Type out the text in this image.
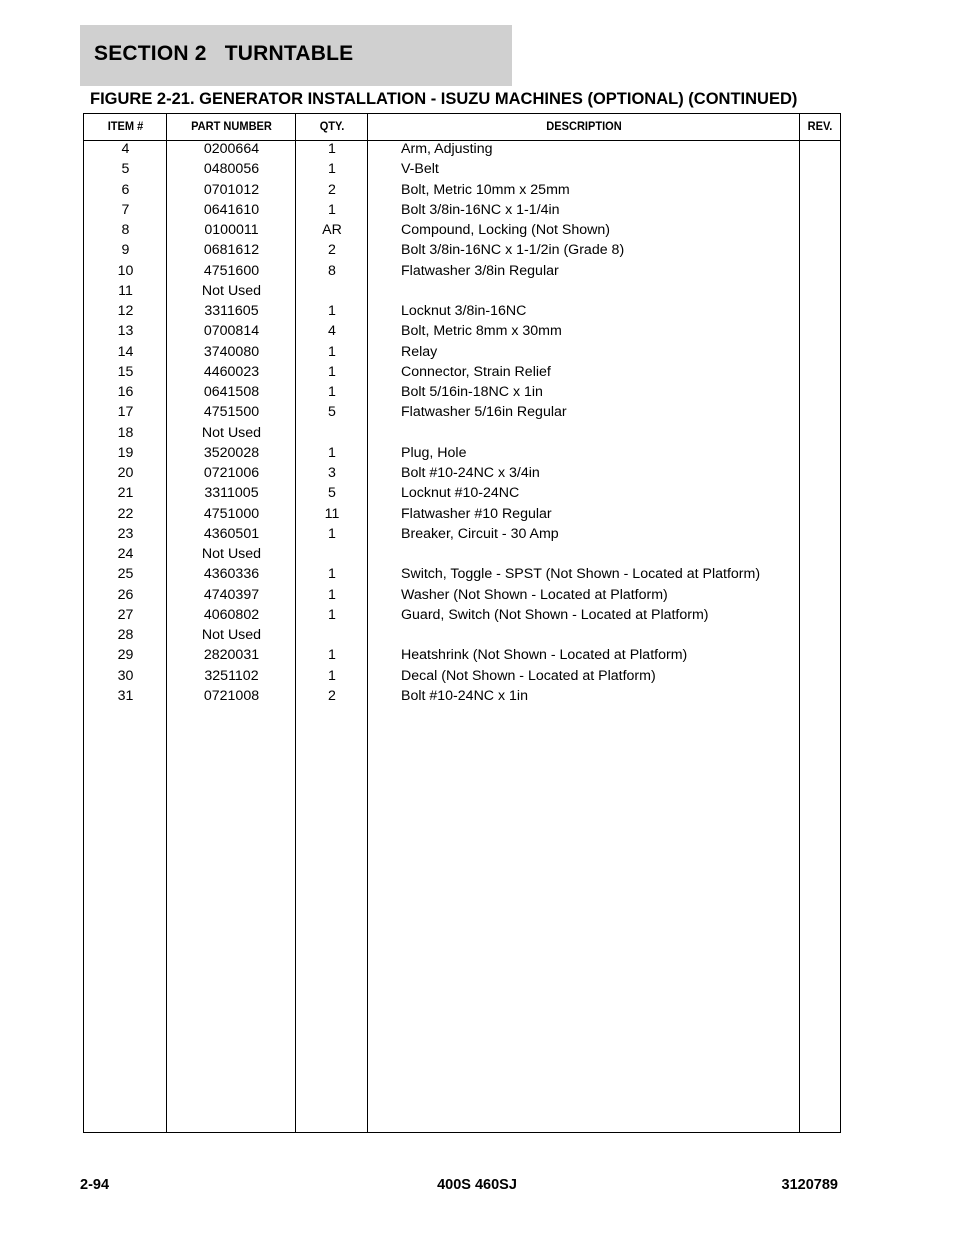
SECTION 2   TURNTABLE
FIGURE 2-21. GENERATOR INSTALLATION - ISUZU MACHINES (OPTIONAL) (CONTINUED)
ITEM #	PART NUMBER	QTY.	DESCRIPTION	REV.
4	0200664	1	Arm, Adjusting
5	0480056	1	V-Belt
6	0701012	2	Bolt, Metric 10mm x 25mm
7	0641610	1	Bolt 3/8in-16NC x 1-1/4in
8	0100011	AR	Compound, Locking (Not Shown)
9	0681612	2	Bolt 3/8in-16NC x 1-1/2in (Grade 8)
10	4751600	8	Flatwasher 3/8in Regular
11	Not Used
12	3311605	1	Locknut 3/8in-16NC
13	0700814	4	Bolt, Metric 8mm x 30mm
14	3740080	1	Relay
15	4460023	1	Connector, Strain Relief
16	0641508	1	Bolt 5/16in-18NC x 1in
17	4751500	5	Flatwasher 5/16in Regular
18	Not Used
19	3520028	1	Plug, Hole
20	0721006	3	Bolt #10-24NC x 3/4in
21	3311005	5	Locknut #10-24NC
22	4751000	11	Flatwasher #10 Regular
23	4360501	1	Breaker, Circuit - 30 Amp
24	Not Used
25	4360336	1	Switch, Toggle - SPST (Not Shown - Located at Platform)
26	4740397	1	Washer (Not Shown - Located at Platform)
27	4060802	1	Guard, Switch (Not Shown - Located at Platform)
28	Not Used
29	2820031	1	Heatshrink (Not Shown - Located at Platform)
30	3251102	1	Decal (Not Shown - Located at Platform)
31	0721008	2	Bolt #10-24NC x 1in
2-94	400S 460SJ	3120789
